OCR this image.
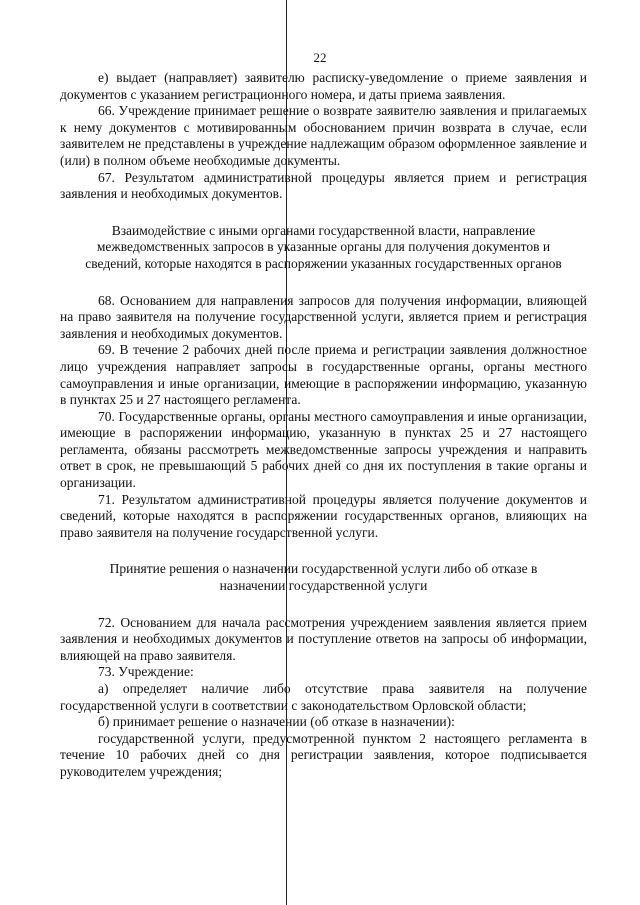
22

е) выдает (направляет) заявителю расписку-уведомление о приеме заявления и документов с указанием регистрационного номера, и даты приема заявления.

66. Учреждение принимает решение о возврате заявителю заявления и прилагаемых к нему документов с мотивированным обоснованием причин возврата в случае, если заявителем не представлены в учреждение надлежащим образом оформленное заявление и (или) в полном объеме необходимые документы.

67. Результатом административной процедуры является прием и регистрация заявления и необходимых документов.

Взаимодействие с иными органами государственной власти, направление межведомственных запросов в указанные органы для получения документов и сведений, которые находятся в распоряжении указанных государственных органов

68. Основанием для направления запросов для получения информации, влияющей на право заявителя на получение государственной услуги, является прием и регистрация заявления и необходимых документов.

69. В течение 2 рабочих дней после приема и регистрации заявления должностное лицо учреждения направляет запросы в государственные органы, органы местного самоуправления и иные организации, имеющие в распоряжении информацию, указанную в пунктах 25 и 27 настоящего регламента.

70. Государственные органы, органы местного самоуправления и иные организации, имеющие в распоряжении информацию, указанную в пунктах 25 и 27 настоящего регламента, обязаны рассмотреть межведомственные запросы учреждения и направить ответ в срок, не превышающий 5 рабочих дней со дня их поступления в такие органы и организации.

71. Результатом административной процедуры является получение документов и сведений, которые находятся в распоряжении государственных органов, влияющих на право заявителя на получение государственной услуги.

Принятие решения о назначении государственной услуги либо об отказе в назначении государственной услуги

72. Основанием для начала рассмотрения учреждением заявления является прием заявления и необходимых документов и поступление ответов на запросы об информации, влияющей на право заявителя.

73. Учреждение:

а) определяет наличие либо отсутствие права заявителя на получение государственной услуги в соответствии с законодательством Орловской области;

б) принимает решение о назначении (об отказе в назначении):

государственной услуги, предусмотренной пунктом 2 настоящего регламента в течение 10 рабочих дней со дня регистрации заявления, которое подписывается руководителем учреждения;
